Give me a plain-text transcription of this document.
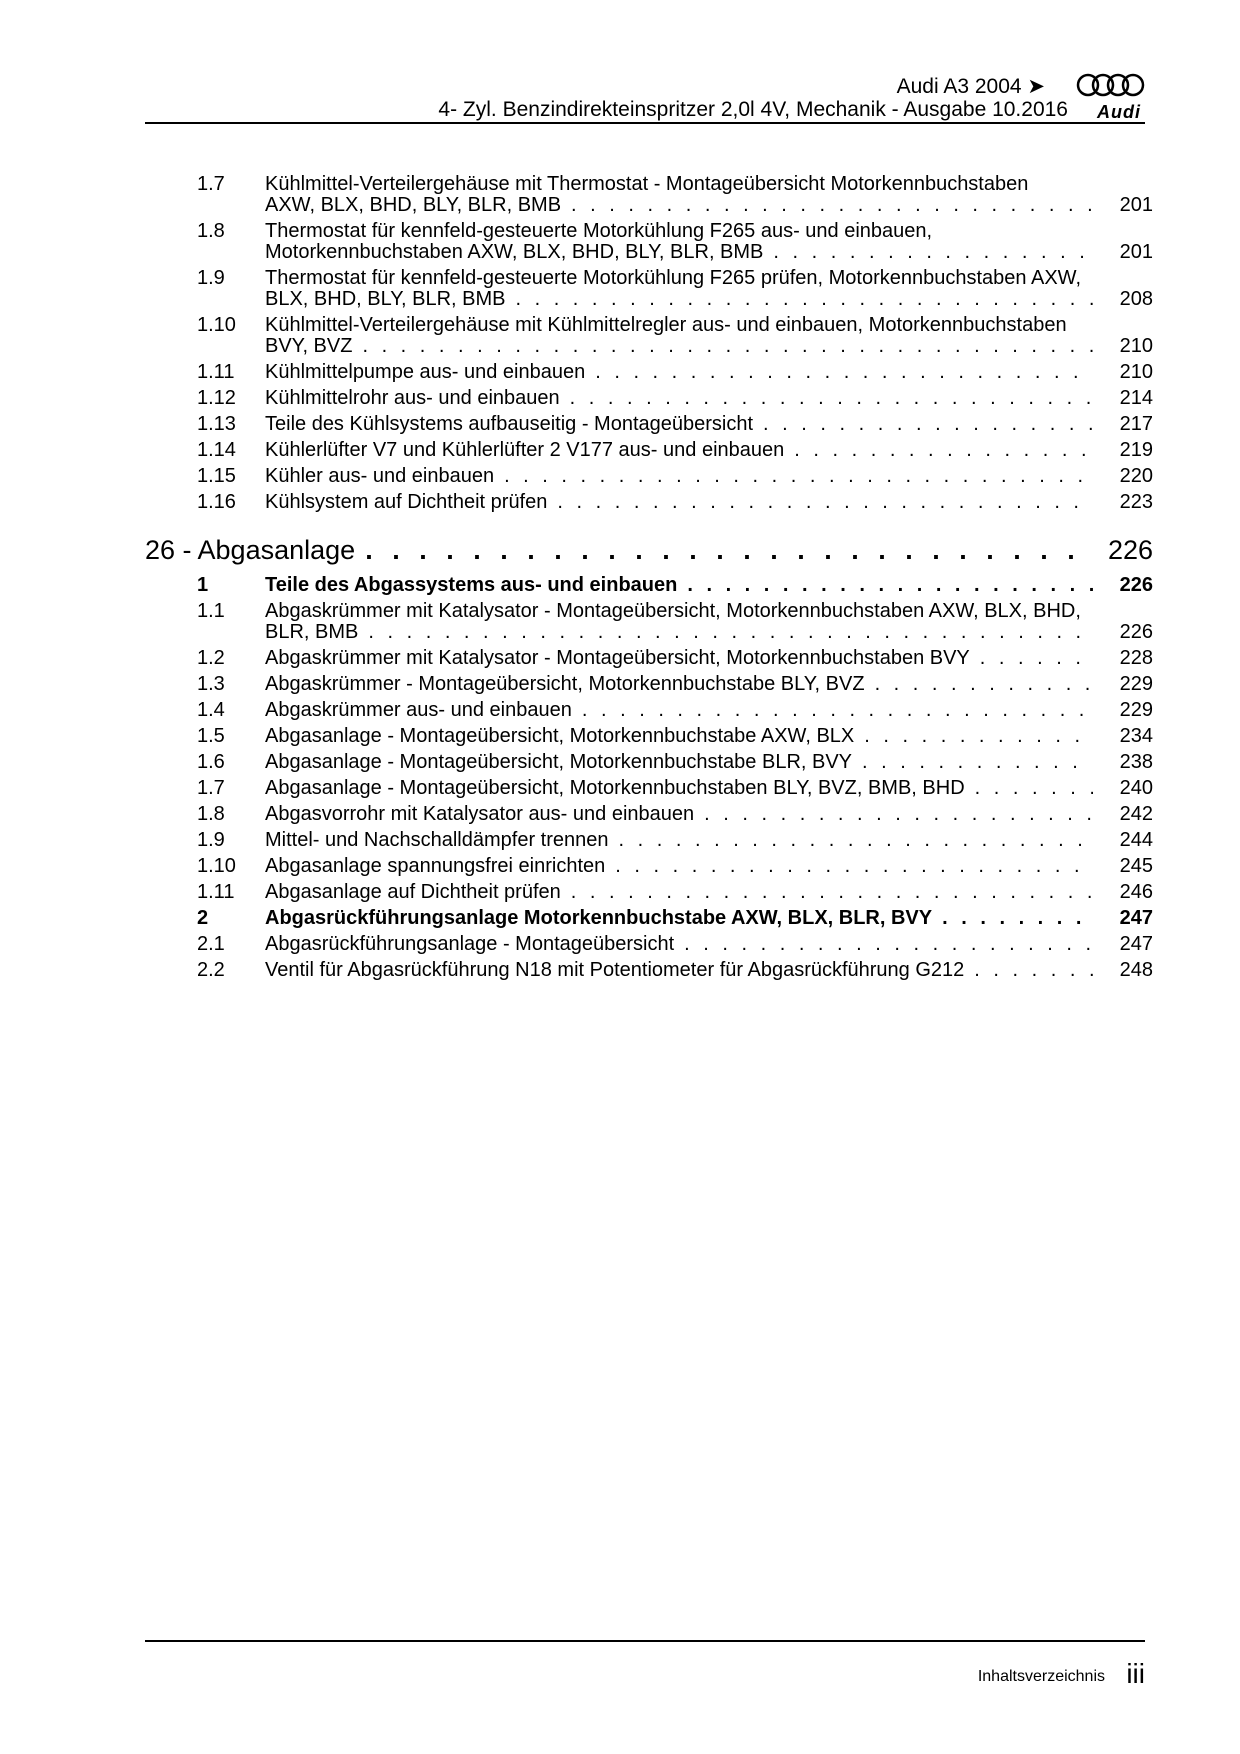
Audi A3 2004 ➤
4- Zyl. Benzindirekteinspritzer 2,0l 4V, Mechanik - Ausgabe 10.2016 Audi
1.7 Kühlmittel-Verteilergehäuse mit Thermostat - Montageübersicht Motorkennbuchstaben
AXW, BLX, BHD, BLY, BLR, BMB . . .	201
1.8 Thermostat für kennfeld-gesteuerte Motorkühlung F265 aus- und einbauen,
Motorkennbuchstaben AXW, BLX, BHD, BLY, BLR, BMB . . .	201
1.9 Thermostat für kennfeld-gesteuerte Motorkühlung F265 prüfen, Motorkennbuchstaben AXW,
BLX, BHD, BLY, BLR, BMB . . .	208
1.10 Kühlmittel-Verteilergehäuse mit Kühlmittelregler aus- und einbauen, Motorkennbuchstaben
BVY, BVZ . . .	210
1.11 Kühlmittelpumpe aus- und einbauen . . .	210
1.12 Kühlmittelrohr aus- und einbauen . . .	214
1.13 Teile des Kühlsystems aufbauseitig - Montageübersicht . . .	217
1.14 Kühlerlüfter V7 und Kühlerlüfter 2 V177 aus- und einbauen . . .	219
1.15 Kühler aus- und einbauen . . .	220
1.16 Kühlsystem auf Dichtheit prüfen . . .	223
26 - Abgasanlage . . .	226
1	Teile des Abgassystems aus- und einbauen . . .	226
1.1 Abgaskrümmer mit Katalysator - Montageübersicht, Motorkennbuchstaben AXW, BLX, BHD,
BLR, BMB . . .	226
1.2 Abgaskrümmer mit Katalysator - Montageübersicht, Motorkennbuchstaben BVY . . .	228
1.3 Abgaskrümmer - Montageübersicht, Motorkennbuchstabe BLY, BVZ . . .	229
1.4 Abgaskrümmer aus- und einbauen . . .	229
1.5 Abgasanlage - Montageübersicht, Motorkennbuchstabe AXW, BLX . . .	234
1.6 Abgasanlage - Montageübersicht, Motorkennbuchstabe BLR, BVY . . .	238
1.7 Abgasanlage - Montageübersicht, Motorkennbuchstaben BLY, BVZ, BMB, BHD . . .	240
1.8 Abgasvorrohr mit Katalysator aus- und einbauen . . .	242
1.9 Mittel- und Nachschalldämpfer trennen . . .	244
1.10 Abgasanlage spannungsfrei einrichten . . .	245
1.11 Abgasanlage auf Dichtheit prüfen . . .	246
2	Abgasrückführungsanlage Motorkennbuchstabe AXW, BLX, BLR, BVY . . .	247
2.1 Abgasrückführungsanlage - Montageübersicht . . .	247
2.2 Ventil für Abgasrückführung N18 mit Potentiometer für Abgasrückführung G212 . . .	248
Inhaltsverzeichnis iii
